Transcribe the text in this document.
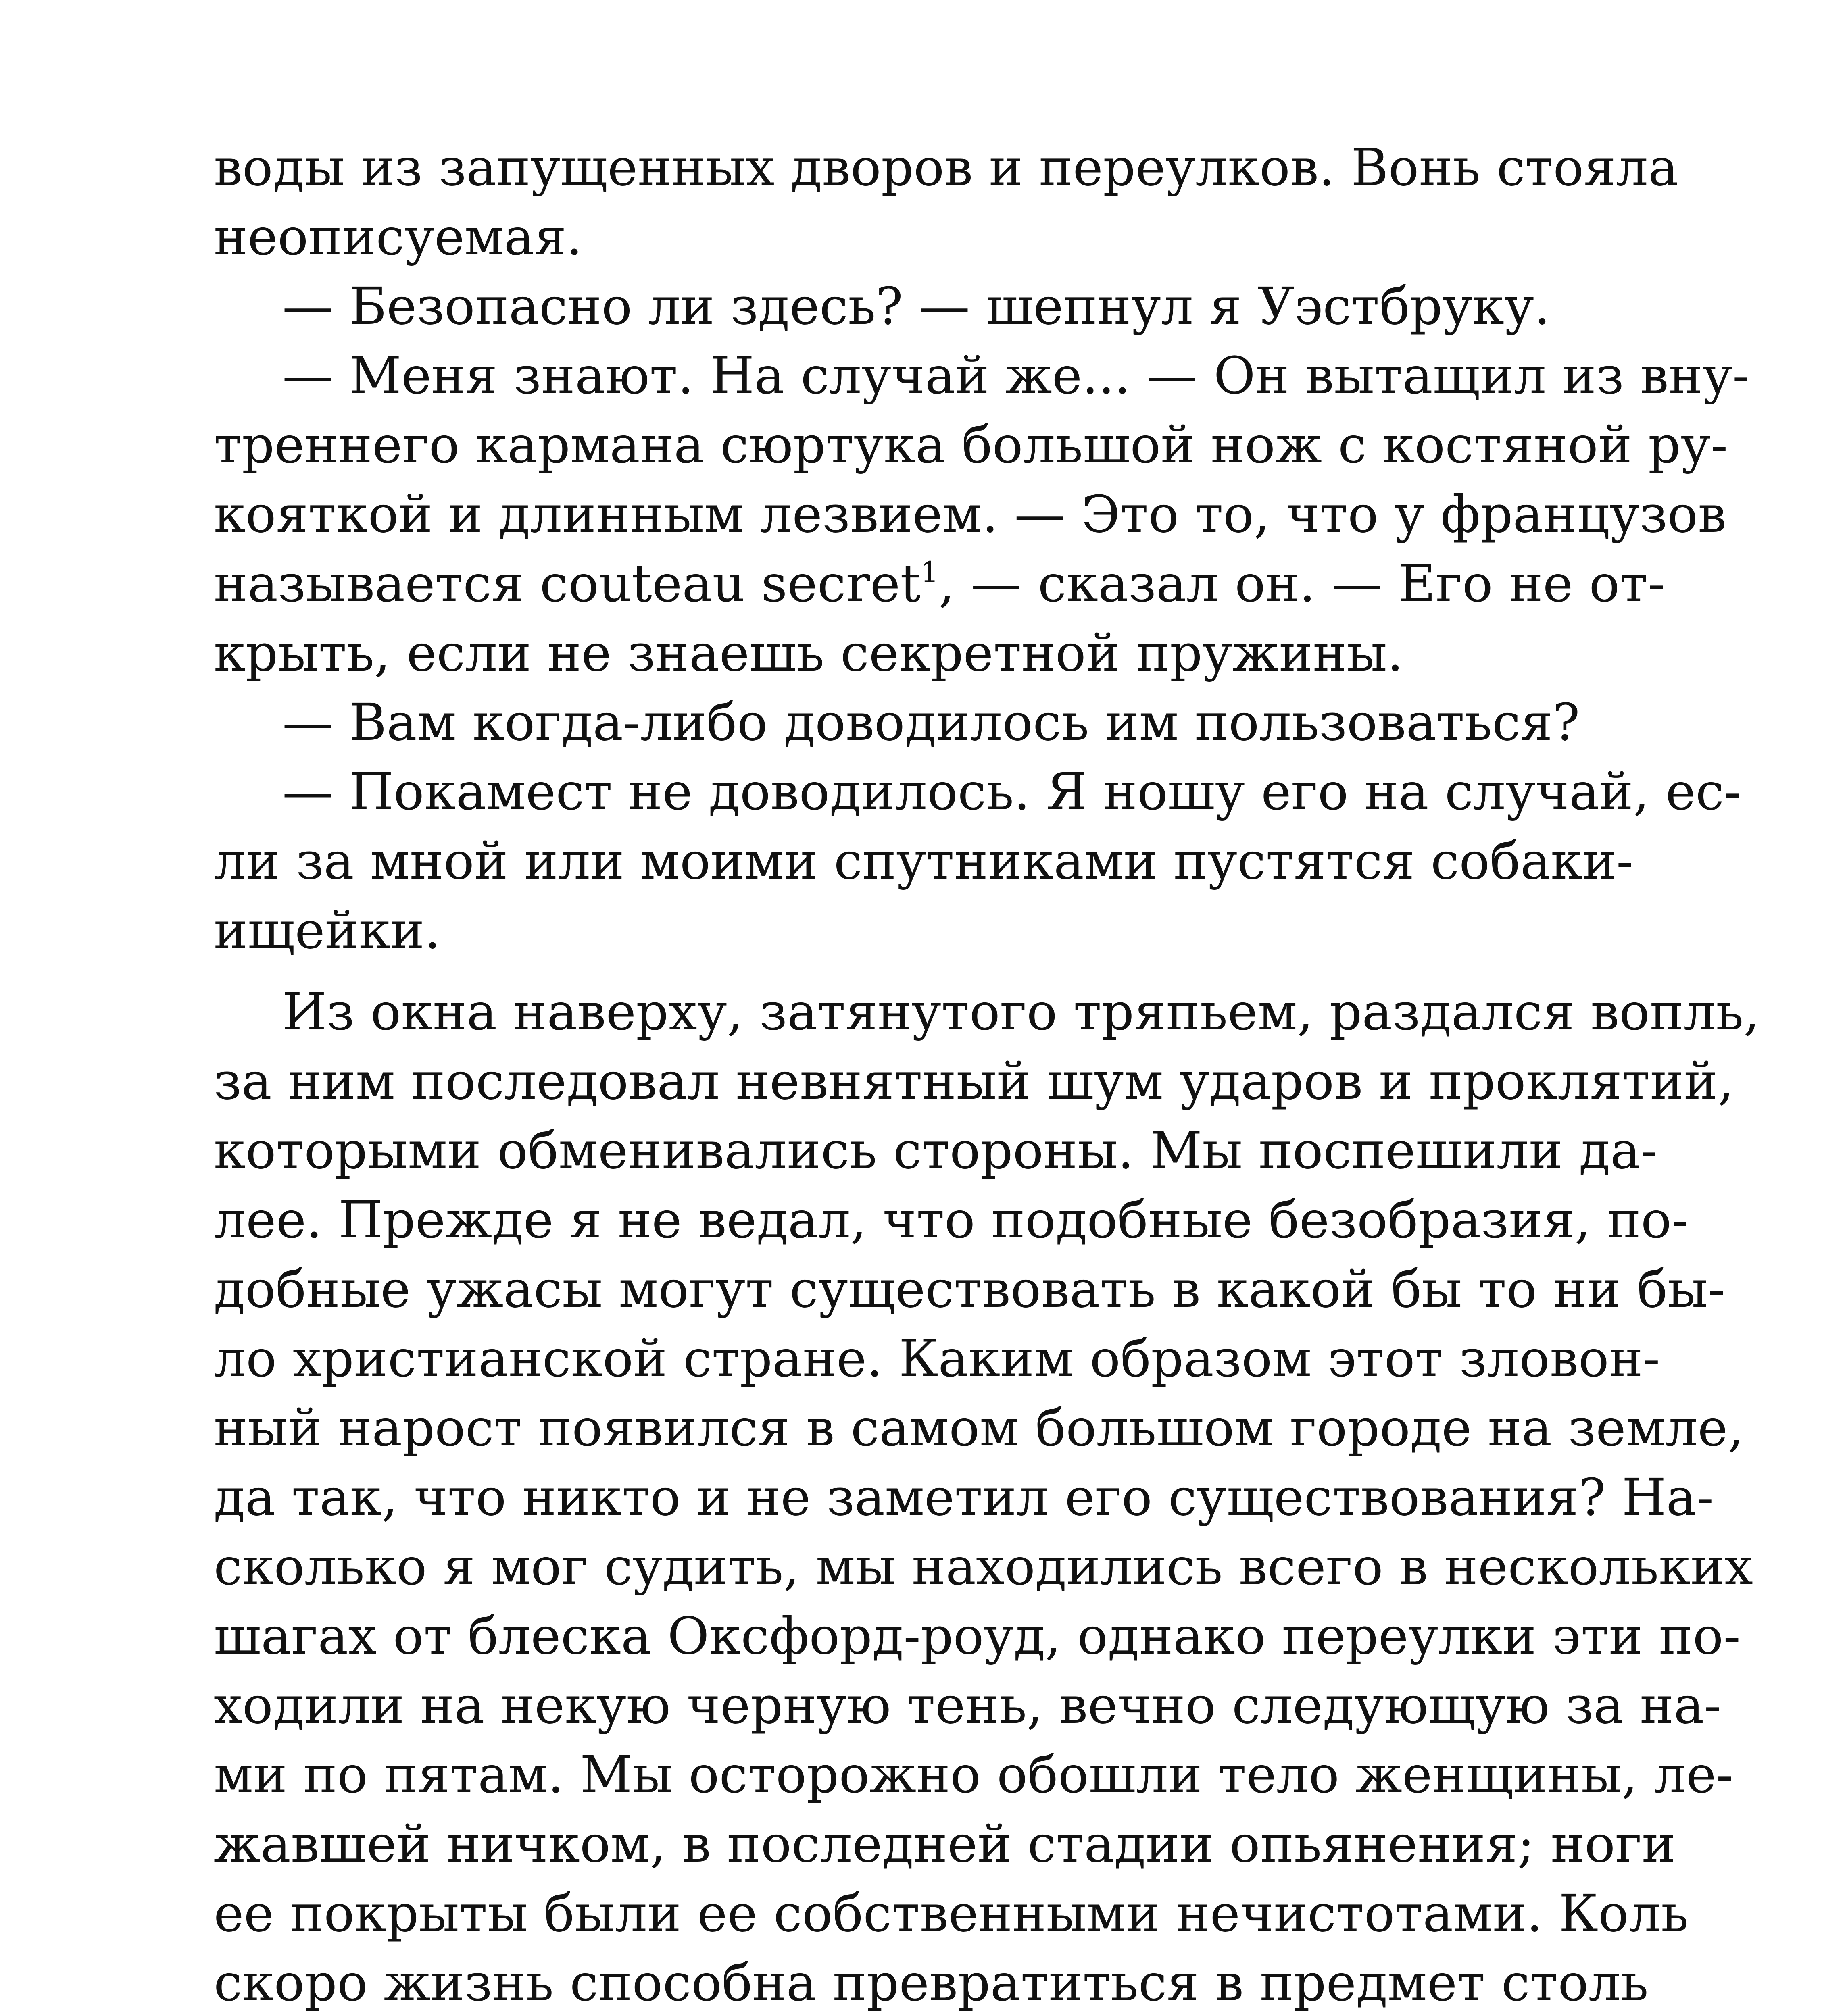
воды из запущенных дворов и переулков. Вонь стояла
неописуемая.
— Безопасно ли здесь? — шепнул я Уэстбруку.
— Меня знают. На случай же... — Он вытащил из вну-
треннего кармана сюртука большой нож с костяной ру-
кояткой и длинным лезвием. — Это то, что у французов
называется couteau secret$^1$, — сказал он. — Его не от-
крыть, если не знаешь секретной пружины.
— Вам когда-либо доводилось им пользоваться?
— Покамест не доводилось. Я ношу его на случай, ес-
ли за мной или моими спутниками пустятся собаки-
ищейки.
Из окна наверху, затянутого тряпьем, раздался вопль,
за ним последовал невнятный шум ударов и проклятий,
которыми обменивались стороны. Мы поспешили да-
лее. Прежде я не ведал, что подобные безобразия, по-
добные ужасы могут существовать в какой бы то ни бы-
ло христианской стране. Каким образом этот зловон-
ный нарост появился в самом большом городе на земле,
да так, что никто и не заметил его существования? На-
сколько я мог судить, мы находились всего в нескольких
шагах от блеска Оксфорд-роуд, однако переулки эти по-
ходили на некую черную тень, вечно следующую за на-
ми по пятам. Мы осторожно обошли тело женщины, ле-
жавшей ничком, в последней стадии опьянения; ноги
ее покрыты были ее собственными нечистотами. Коль
скоро жизнь способна превратиться в предмет столь
